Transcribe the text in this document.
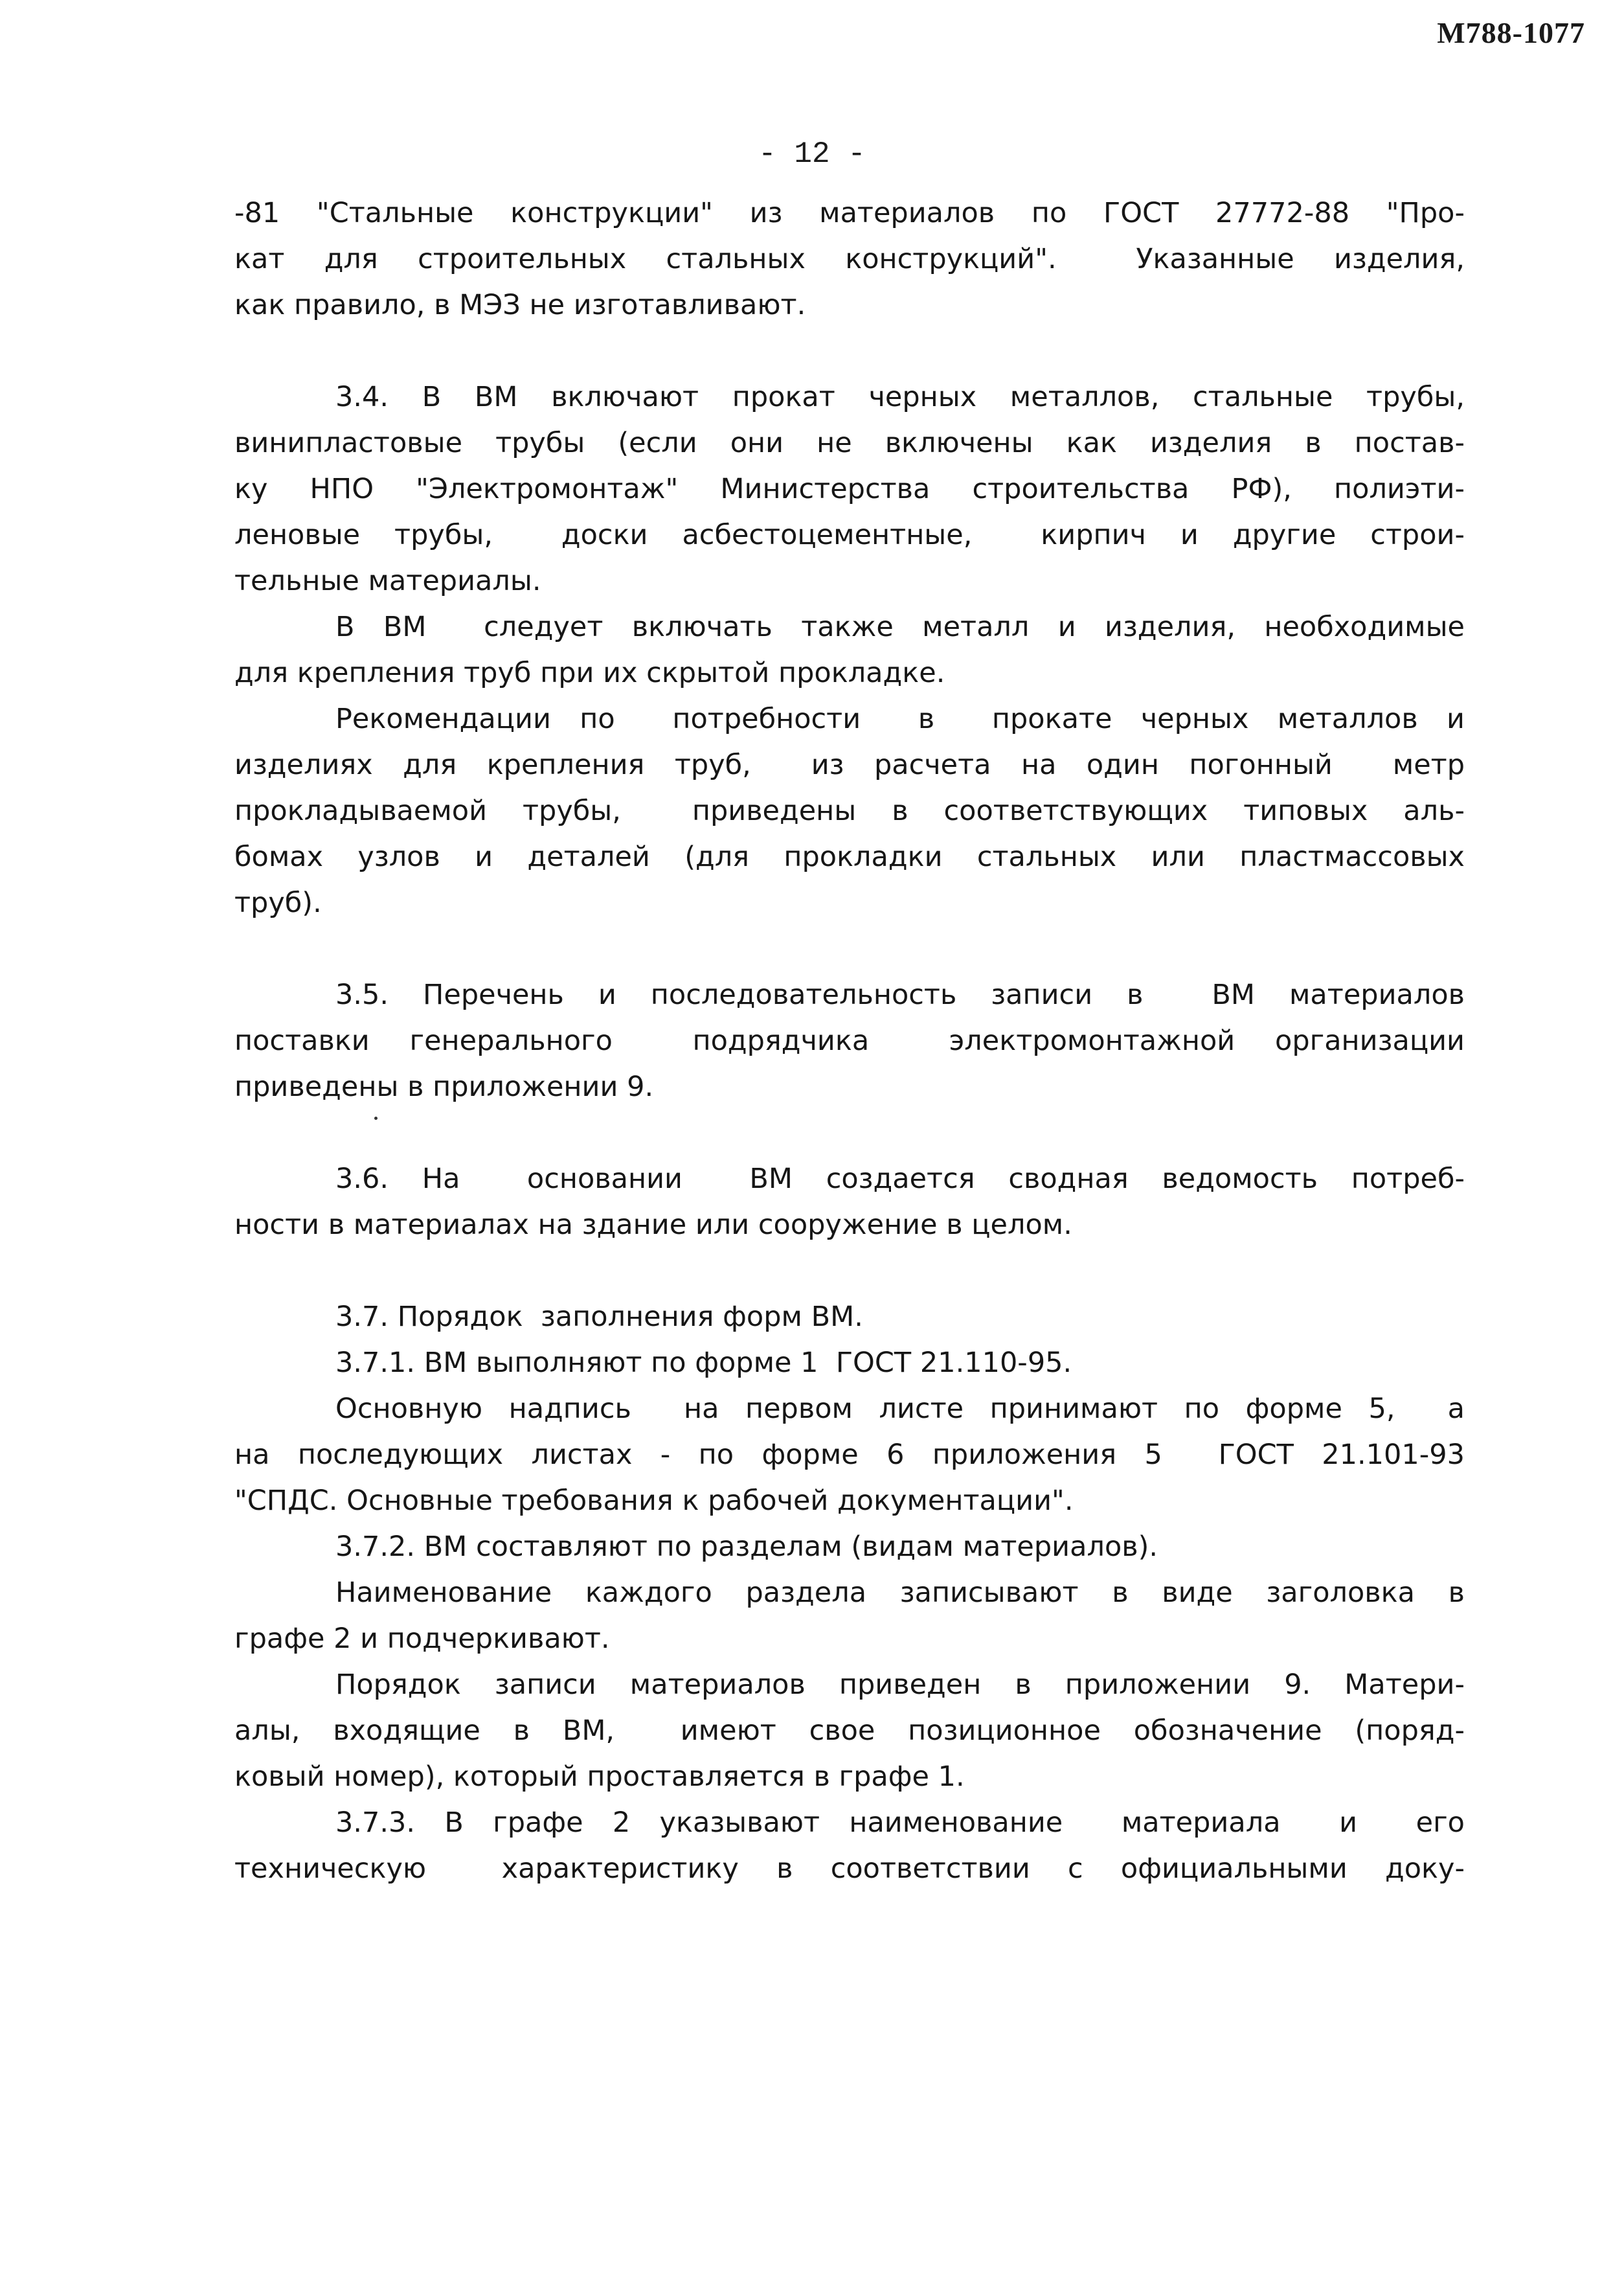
М788-1077
- 12 -
-81 "Стальные конструкции" из материалов по ГОСТ 27772-88 "Про-
кат для строительных стальных конструкций".  Указанные изделия,
как правило, в МЭЗ не изготавливают.
3.4. В ВМ включают прокат черных металлов, стальные трубы,
винипластовые трубы (если они не включены как изделия в постав-
ку НПО "Электромонтаж" Министерства строительства РФ), полиэти-
леновые трубы,  доски асбестоцементные,  кирпич и другие строи-
тельные материалы.
В ВМ  следует включать также металл и изделия, необходимые
для крепления труб при их скрытой прокладке.
Рекомендации по  потребности  в  прокате черных металлов и
изделиях для крепления труб,  из расчета на один погонный  метр
прокладываемой трубы,  приведены в соответствующих типовых аль-
бомах узлов и деталей (для прокладки стальных или пластмассовых
труб).
3.5. Перечень и последовательность записи в  ВМ материалов
поставки генерального  подрядчика  электромонтажной организации
приведены в приложении 9.
3.6. На  основании  ВМ создается сводная ведомость потреб-
ности в материалах на здание или сооружение в целом.
3.7. Порядок  заполнения форм ВМ.
3.7.1. ВМ выполняют по форме 1  ГОСТ 21.110-95.
Основную надпись  на первом листе принимают по форме 5,  а
на последующих листах - по форме 6 приложения 5  ГОСТ 21.101-93
"СПДС. Основные требования к рабочей документации".
3.7.2. ВМ составляют по разделам (видам материалов).
Наименование каждого раздела записывают в виде заголовка в
графе 2 и подчеркивают.
Порядок записи материалов приведен в приложении 9. Матери-
алы, входящие в ВМ,  имеют свое позиционное обозначение (поряд-
ковый номер), который проставляется в графе 1.
3.7.3. В графе 2 указывают наименование  материала  и  его
техническую  характеристику в соответствии с официальными доку-
